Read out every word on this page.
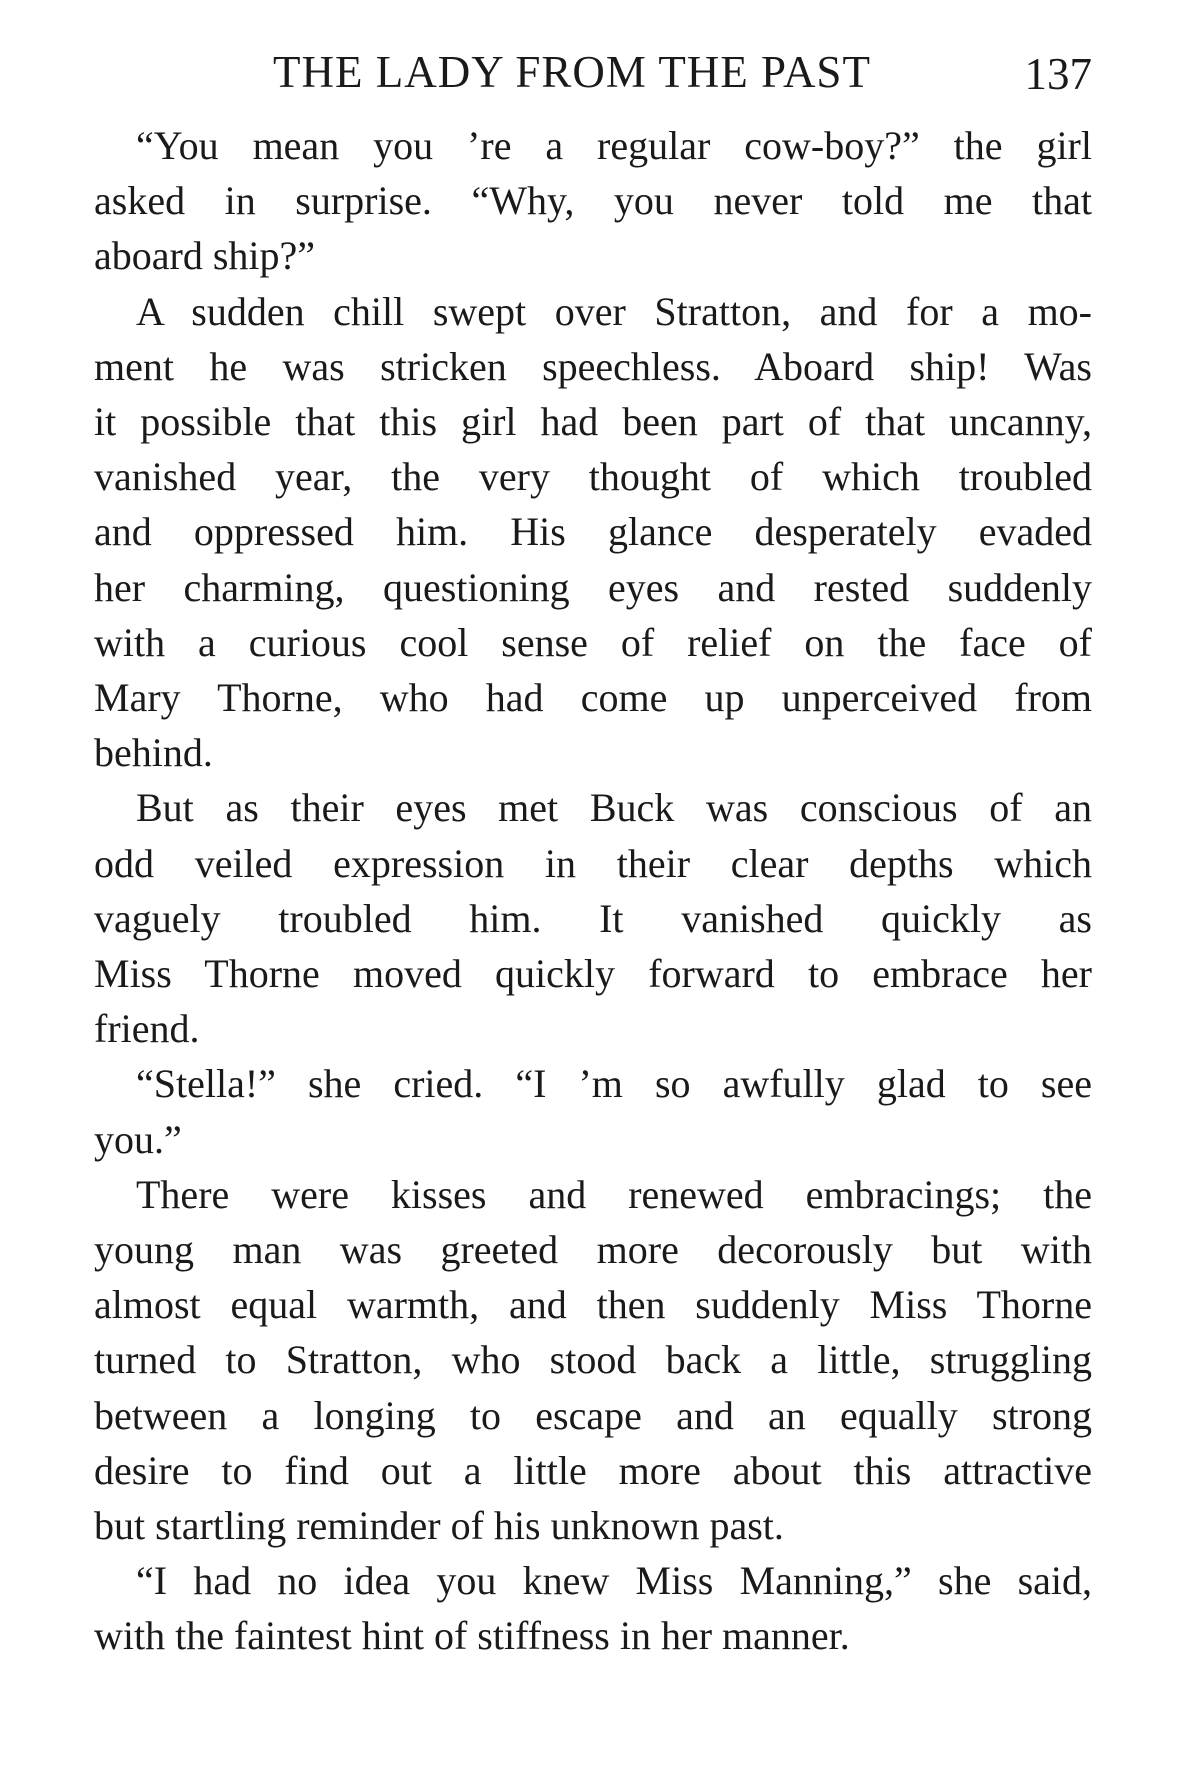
THE LADY FROM THE PAST	137

“You mean you ’re a regular cow-boy?” the girl
asked in surprise. “Why, you never told me that
aboard ship?”

A sudden chill swept over Stratton, and for a mo-
ment he was stricken speechless. Aboard ship! Was
it possible that this girl had been part of that uncanny,
vanished year, the very thought of which troubled
and oppressed him. His glance desperately evaded
her charming, questioning eyes and rested suddenly
with a curious cool sense of relief on the face of
Mary Thorne, who had come up unperceived from
behind.

But as their eyes met Buck was conscious of an
odd veiled expression in their clear depths which
vaguely troubled him. It vanished quickly as
Miss Thorne moved quickly forward to embrace her
friend.

“Stella!” she cried. “I ’m so awfully glad to see
you.”

There were kisses and renewed embracings; the
young man was greeted more decorously but with
almost equal warmth, and then suddenly Miss Thorne
turned to Stratton, who stood back a little, struggling
between a longing to escape and an equally strong
desire to find out a little more about this attractive
but startling reminder of his unknown past.

“I had no idea you knew Miss Manning,” she said,
with the faintest hint of stiffness in her manner.
